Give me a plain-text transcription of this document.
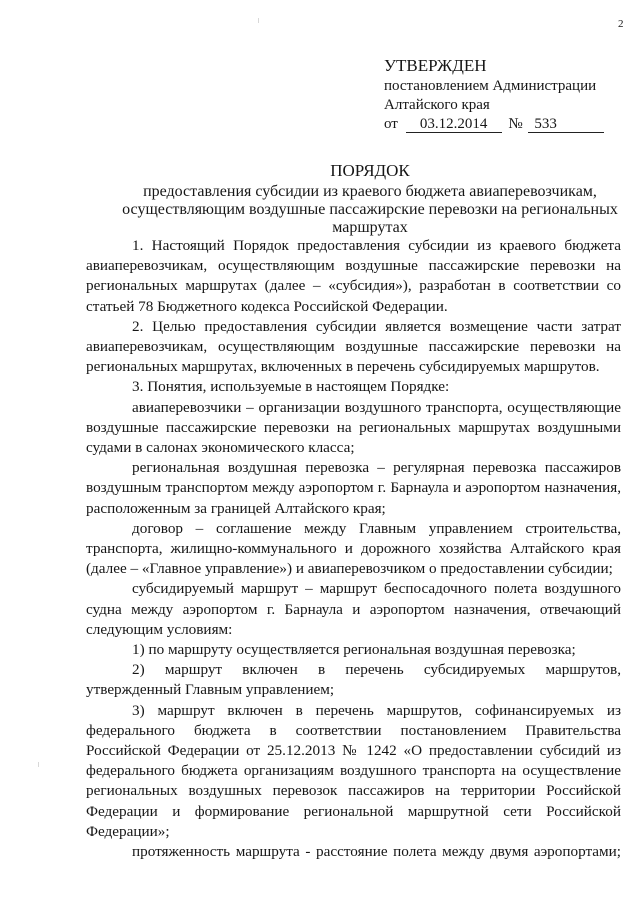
2
УТВЕРЖДЕН
постановлением Администрации
Алтайского края
от 03.12.2014 № 533
ПОРЯДОК
предоставления субсидии из краевого бюджета авиаперевозчикам, осуществляющим воздушные пассажирские перевозки на региональных маршрутах

1. Настоящий Порядок предоставления субсидии из краевого бюджета авиаперевозчикам, осуществляющим воздушные пассажирские перевозки на региональных маршрутах (далее – «субсидия»), разработан в соответствии со статьей 78 Бюджетного кодекса Российской Федерации.

2. Целью предоставления субсидии является возмещение части затрат авиаперевозчикам, осуществляющим воздушные пассажирские перевозки на региональных маршрутах, включенных в перечень субсидируемых маршрутов.

3. Понятия, используемые в настоящем Порядке:

авиаперевозчики – организации воздушного транспорта, осуществляющие воздушные пассажирские перевозки на региональных маршрутах воздушными судами в салонах экономического класса;

региональная воздушная перевозка – регулярная перевозка пассажиров воздушным транспортом между аэропортом г. Барнаула и аэропортом назначения, расположенным за границей Алтайского края;

договор – соглашение между Главным управлением строительства, транспорта, жилищно-коммунального и дорожного хозяйства Алтайского края (далее – «Главное управление») и авиаперевозчиком о предоставлении субсидии;

субсидируемый маршрут – маршрут беспосадочного полета воздушного судна между аэропортом г. Барнаула и аэропортом назначения, отвечающий следующим условиям:

1) по маршруту осуществляется региональная воздушная перевозка;

2) маршрут включен в перечень субсидируемых маршрутов, утвержденный Главным управлением;

3) маршрут включен в перечень маршрутов, софинансируемых из федерального бюджета в соответствии постановлением Правительства Российской Федерации от 25.12.2013 № 1242 «О предоставлении субсидий из федерального бюджета организациям воздушного транспорта на осуществление региональных воздушных перевозок пассажиров на территории Российской Федерации и формирование региональной маршрутной сети Российской Федерации»;

протяженность маршрута - расстояние полета между двумя аэропортами;
